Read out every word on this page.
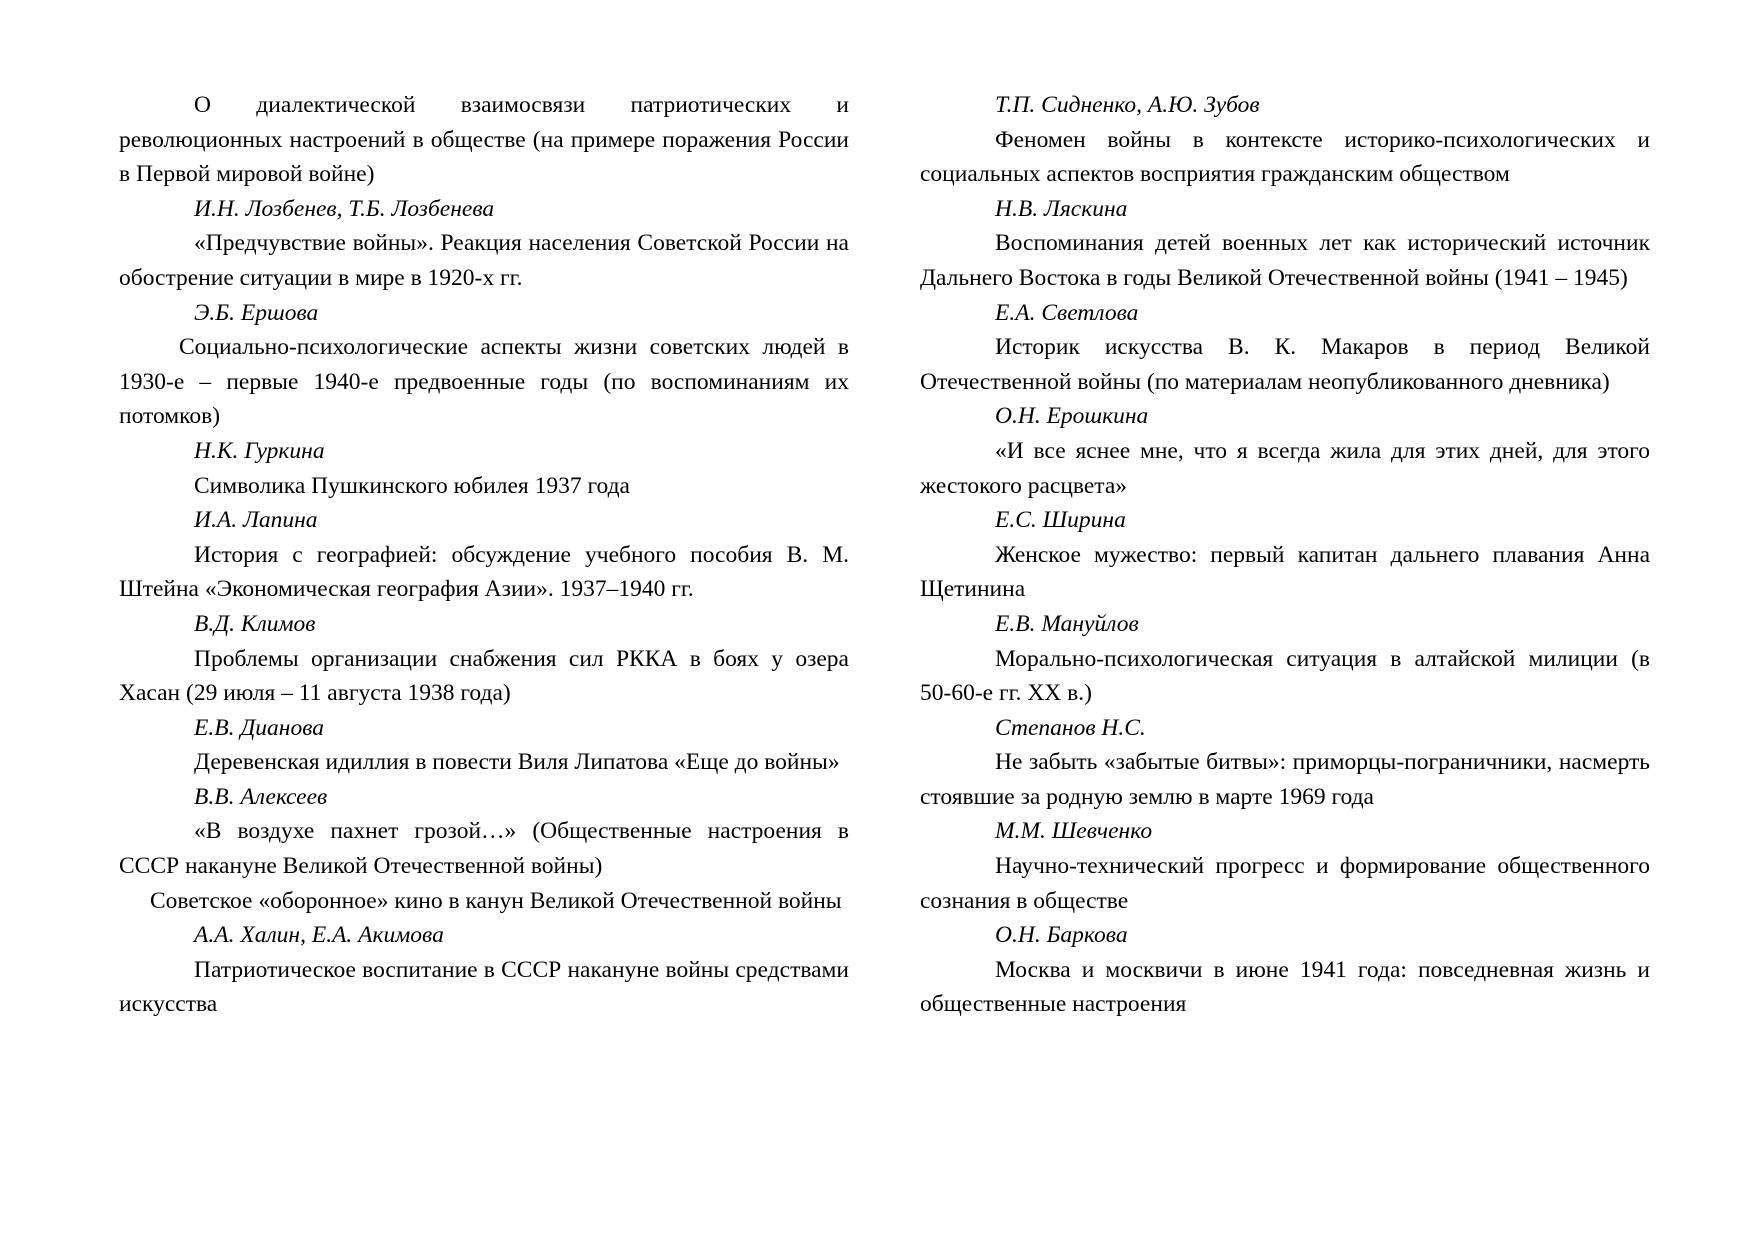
О диалектической взаимосвязи патриотических и революционных настроений в обществе (на примере поражения России в Первой мировой войне)

И.Н. Лозбенев, Т.Б. Лозбенева

«Предчувствие войны». Реакция населения Советской России на обострение ситуации в мире в 1920-х гг.

Э.Б. Ершова

Социально-психологические аспекты жизни советских людей в 1930-е – первые 1940-е предвоенные годы (по воспоминаниям их потомков)

Н.К. Гуркина

Символика Пушкинского юбилея 1937 года

И.А. Лапина

История с географией: обсуждение учебного пособия В. М. Штейна «Экономическая география Азии». 1937–1940 гг.

В.Д. Климов

Проблемы организации снабжения сил РККА в боях у озера Хасан (29 июля – 11 августа 1938 года)

Е.В. Дианова

Деревенская идиллия в повести Виля Липатова «Еще до войны»

В.В. Алексеев

«В воздухе пахнет грозой…» (Общественные настроения в СССР накануне Великой Отечественной войны)

Советское «оборонное» кино в канун Великой Отечественной войны

А.А. Халин, Е.А. Акимова

Патриотическое воспитание в СССР накануне войны средствами искусства

Т.П. Сидненко, А.Ю. Зубов

Феномен войны в контексте историко-психологических и социальных аспектов восприятия гражданским обществом

Н.В. Ляскина

Воспоминания детей военных лет как исторический источник Дальнего Востока в годы Великой Отечественной войны (1941 – 1945)

Е.А. Светлова

Историк искусства В. К. Макаров в период Великой Отечественной войны (по материалам неопубликованного дневника)

О.Н. Ерошкина

«И все яснее мне, что я всегда жила для этих дней, для этого жестокого расцвета»

Е.С. Ширина

Женское мужество: первый капитан дальнего плавания Анна Щетинина

Е.В. Мануйлов

Морально-психологическая ситуация в алтайской милиции (в 50-60-е гг. XX в.)

Степанов Н.С.

Не забыть «забытые битвы»: приморцы-пограничники, насмерть стоявшие за родную землю в марте 1969 года

М.М. Шевченко

Научно-технический прогресс и формирование общественного сознания в обществе

О.Н. Баркова

Москва и москвичи в июне 1941 года: повседневная жизнь и общественные настроения
